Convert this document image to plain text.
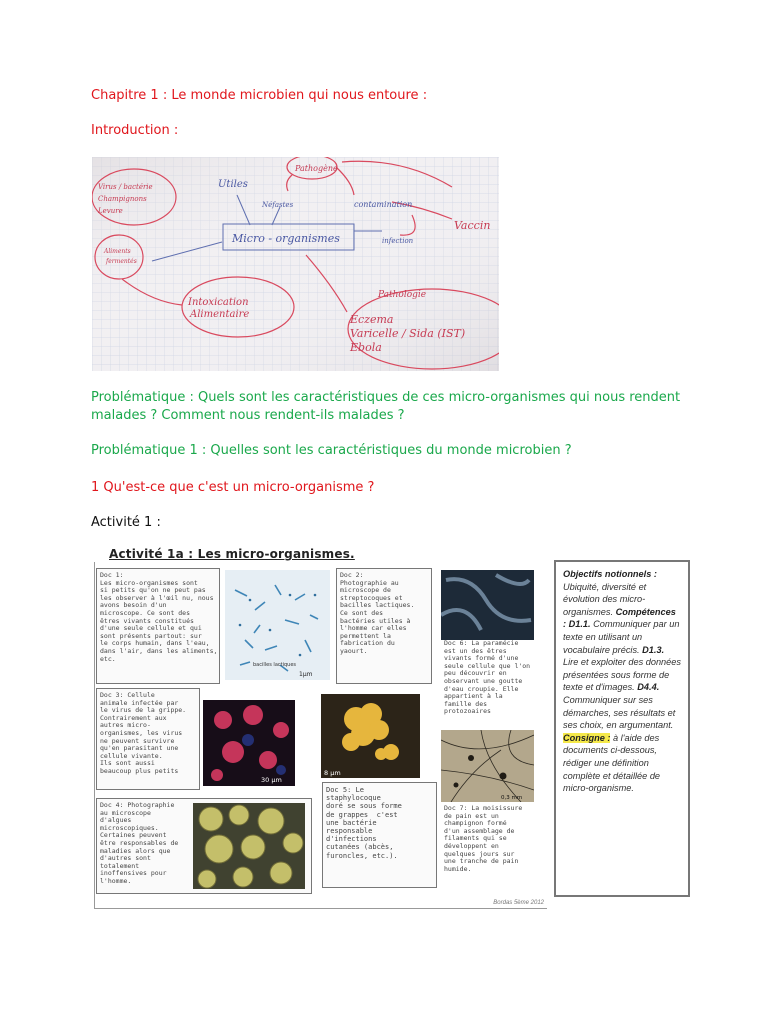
Chapitre 1 : Le monde microbien qui nous entoure :
Introduction :
Micro - organismes
Utiles
Néfastes	contamination
infection
Pathogène
Virus / bactérie
Champignons
Levure
Aliments
fermentés
Intoxication
Alimentaire
Vaccin
Pathologie
Eczema
Varicelle / Sida (IST)
Ebola
Problématique : Quels sont les caractéristiques de ces micro-organismes qui nous rendent malades ? Comment nous rendent-ils malades ?
Problématique 1 : Quelles sont les caractéristiques du monde microbien ?
1 Qu'est-ce que c'est un micro-organisme ?
Activité 1 :
Activité 1a : Les micro-organismes.
Doc 1:
Les micro-organismes sont
si petits qu'on ne peut pas
les observer à l'œil nu, nous
avons besoin d'un
microscope. Ce sont des
êtres vivants constitués
d'une seule cellule et qui
sont présents partout: sur
le corps humain, dans l'eau,
dans l'air, dans les aliments,
etc.
bacilles lactiques
1μm
Doc 2:
Photographie au
microscope de
streptocoques et
bacilles lactiques.
Ce sont des
bactéries utiles à
l'homme car elles
permettent la
fabrication du
yaourt.
Doc 6: La paramécie
est un des êtres
vivants formé d'une
seule cellule que l'on
peu découvrir en
observant une goutte
d'eau croupie. Elle
appartient à la
famille des
protozoaires
Doc 3: Cellule
animale infectée par
le virus de la grippe.
Contrairement aux
autres micro-
organismes, les virus
ne peuvent survivre
qu'en parasitant une
cellule vivante.
Ils sont aussi
beaucoup plus petits
30 μm
8 μm
Doc 5: Le
staphylocoque
doré se sous forme
de grappes  c'est
une bactérie
responsable
d'infections
cutanées (abcès,
furoncles, etc.).
0,3 mm
Doc 7: La moisissure
de pain est un
champignon formé
d'un assemblage de
filaments qui se
développent en
quelques jours sur
une tranche de pain
humide.
Doc 4: Photographie
au microscope
d'algues
microscopiques.
Certaines peuvent
être responsables de
maladies alors que
d'autres sont
totalement
inoffensives pour
l'homme.
Bordas 5ème 2012
Objectifs notionnels : Ubiquité, diversité et évolution des micro-organismes. Compétences : D1.1. Communiquer par un texte en utilisant un vocabulaire précis. D1.3. Lire et exploiter des données présentées sous forme de texte et d'images. D4.4. Communiquer sur ses démarches, ses résultats et ses choix, en argumentant. Consigne : à l'aide des documents ci-dessous, rédiger une définition complète et détaillée de micro-organisme.
